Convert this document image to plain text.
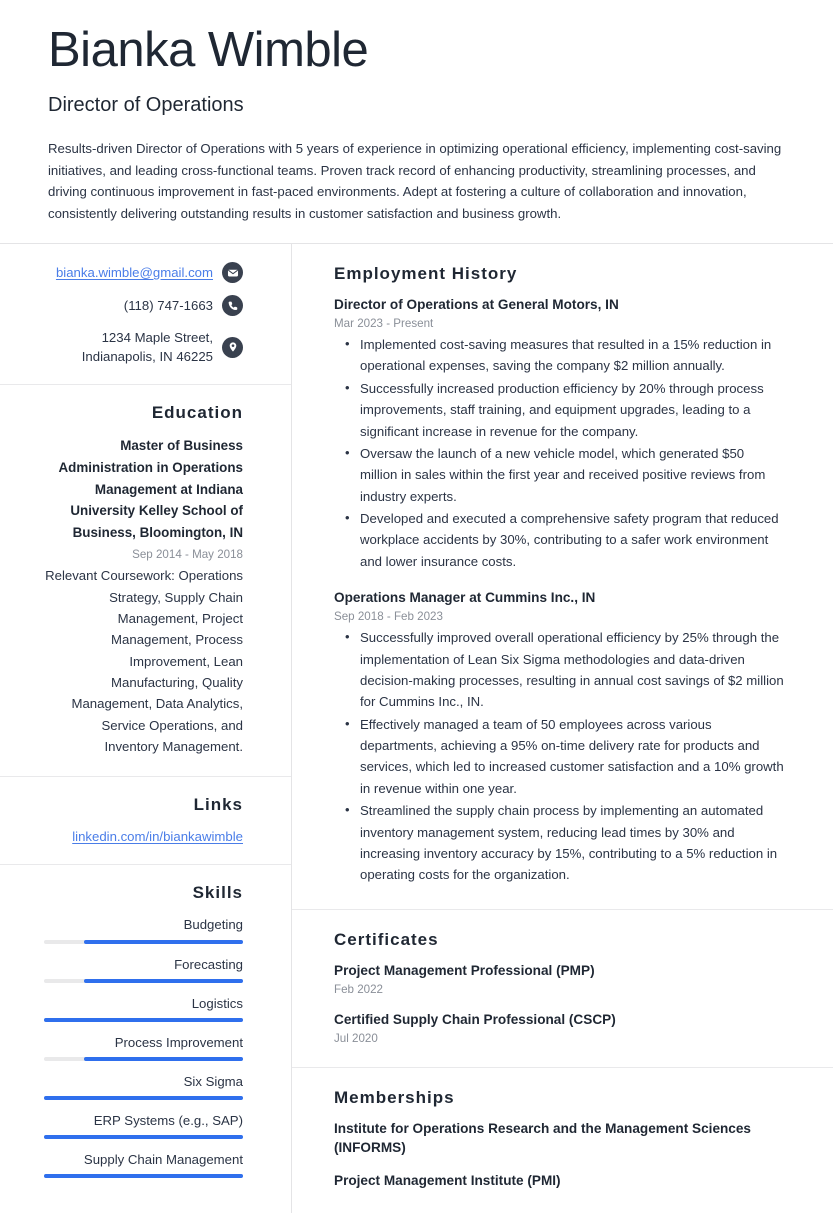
Bianka Wimble
Director of Operations
Results-driven Director of Operations with 5 years of experience in optimizing operational efficiency, implementing cost-saving initiatives, and leading cross-functional teams. Proven track record of enhancing productivity, streamlining processes, and driving continuous improvement in fast-paced environments. Adept at fostering a culture of collaboration and innovation, consistently delivering outstanding results in customer satisfaction and business growth.
bianka.wimble@gmail.com
(118) 747-1663
1234 Maple Street, Indianapolis, IN 46225
Education
Master of Business Administration in Operations Management at Indiana University Kelley School of Business, Bloomington, IN
Sep 2014 - May 2018
Relevant Coursework: Operations Strategy, Supply Chain Management, Project Management, Process Improvement, Lean Manufacturing, Quality Management, Data Analytics, Service Operations, and Inventory Management.
Links
linkedin.com/in/biankawimble
Skills
Budgeting
Forecasting
Logistics
Process Improvement
Six Sigma
ERP Systems (e.g., SAP)
Supply Chain Management
Employment History
Director of Operations at General Motors, IN
Mar 2023 - Present
• Implemented cost-saving measures that resulted in a 15% reduction in operational expenses, saving the company $2 million annually.
• Successfully increased production efficiency by 20% through process improvements, staff training, and equipment upgrades, leading to a significant increase in revenue for the company.
• Oversaw the launch of a new vehicle model, which generated $50 million in sales within the first year and received positive reviews from industry experts.
• Developed and executed a comprehensive safety program that reduced workplace accidents by 30%, contributing to a safer work environment and lower insurance costs.
Operations Manager at Cummins Inc., IN
Sep 2018 - Feb 2023
• Successfully improved overall operational efficiency by 25% through the implementation of Lean Six Sigma methodologies and data-driven decision-making processes, resulting in annual cost savings of $2 million for Cummins Inc., IN.
• Effectively managed a team of 50 employees across various departments, achieving a 95% on-time delivery rate for products and services, which led to increased customer satisfaction and a 10% growth in revenue within one year.
• Streamlined the supply chain process by implementing an automated inventory management system, reducing lead times by 30% and increasing inventory accuracy by 15%, contributing to a 5% reduction in operating costs for the organization.
Certificates
Project Management Professional (PMP)
Feb 2022
Certified Supply Chain Professional (CSCP)
Jul 2020
Memberships
Institute for Operations Research and the Management Sciences (INFORMS)
Project Management Institute (PMI)
